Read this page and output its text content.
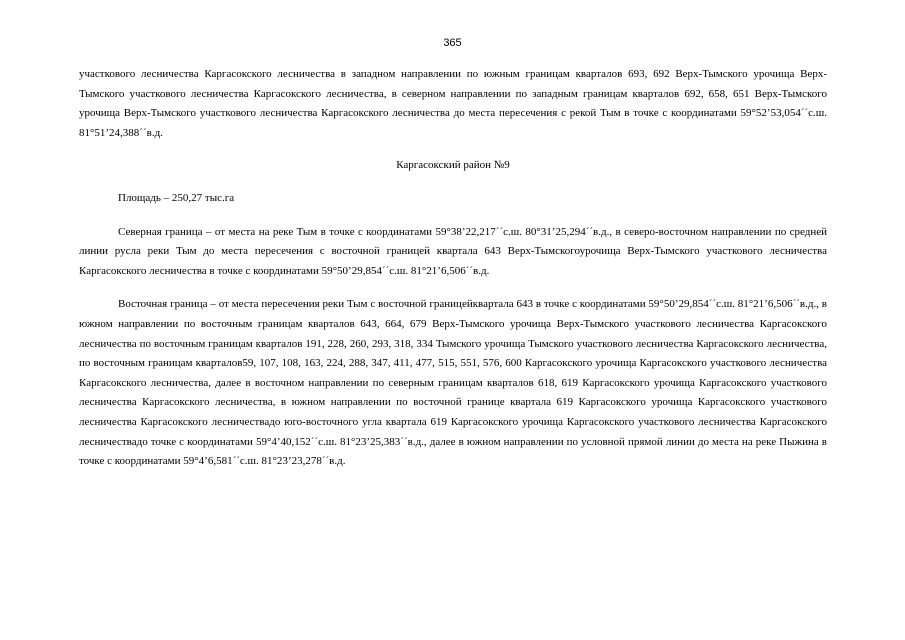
365

участкового лесничества Каргасокского лесничества в западном направлении по южным границам кварталов 693, 692 Верх-Тымского урочища Верх-Тымского участкового лесничества Каргасокского лесничества, в северном направлении по западным границам кварталов 692, 658, 651 Верх-Тымского урочища Верх-Тымского участкового лесничества Каргасокского лесничества до места пересечения с рекой Тым в точке с координатами 59°52’53,054´´с.ш. 81°51’24,388´´в.д.

Каргасокский район №9

Площадь – 250,27 тыс.га

Северная граница – от места на реке Тым в точке с координатами 59°38’22,217´´с.ш. 80°31’25,294´´в.д., в северо-восточном направлении по средней линии русла реки Тым до места пересечения с восточной границей квартала 643 Верх-Тымскогоурочища Верх-Тымского участкового лесничества Каргасокского лесничества в точке с координатами 59°50’29,854´´с.ш. 81°21’6,506´´в.д.

Восточная граница – от места пересечения реки Тым с восточной границейквартала 643 в точке с координатами 59°50’29,854´´с.ш. 81°21’6,506´´в.д., в южном направлении по восточным границам кварталов 643, 664, 679 Верх-Тымского урочища Верх-Тымского участкового лесничества Каргасокского лесничества по восточным границам кварталов 191, 228, 260, 293, 318, 334 Тымского урочища Тымского участкового лесничества Каргасокского лесничества, по восточным границам кварталов59, 107, 108, 163, 224, 288, 347, 411, 477, 515, 551, 576, 600 Каргасокского урочища Каргасокского участкового лесничества Каргасокского лесничества, далее в восточном направлении по северным границам кварталов 618, 619 Каргасокского урочища Каргасокского участкового лесничества Каргасокского лесничества, в южном направлении по восточной границе квартала 619 Каргасокского урочища Каргасокского участкового лесничества Каргасокского лесничествадо юго-восточного угла квартала 619 Каргасокского урочища Каргасокского участкового лесничества Каргасокского лесничествадо точке с координатами 59°4’40,152´´с.ш. 81°23’25,383´´в.д., далее в южном направлении по условной прямой линии до места на реке Пыжина в точке с координатами 59°4’6,581´´с.ш. 81°23’23,278´´в.д.
